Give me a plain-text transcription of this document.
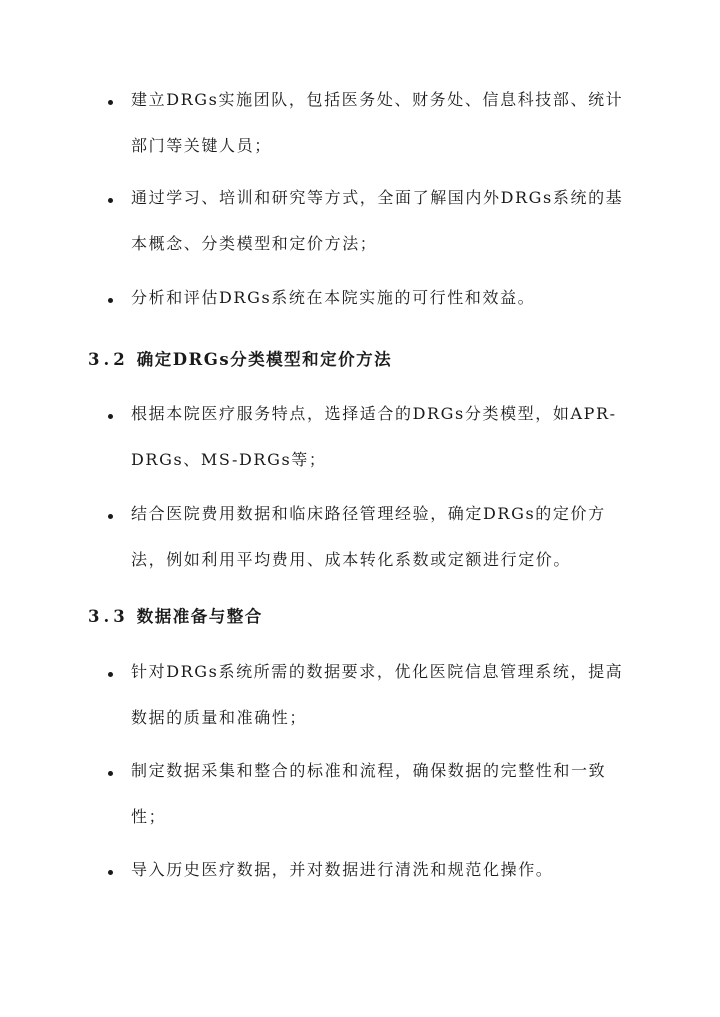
建立DRGs实施团队，包括医务处、财务处、信息科技部、统计部门等关键人员；
通过学习、培训和研究等方式，全面了解国内外DRGs系统的基本概念、分类模型和定价方法；
分析和评估DRGs系统在本院实施的可行性和效益。
3.2 确定DRGs分类模型和定价方法
根据本院医疗服务特点，选择适合的DRGs分类模型，如APR-DRGs、MS-DRGs等；
结合医院费用数据和临床路径管理经验，确定DRGs的定价方法，例如利用平均费用、成本转化系数或定额进行定价。
3.3 数据准备与整合
针对DRGs系统所需的数据要求，优化医院信息管理系统，提高数据的质量和准确性；
制定数据采集和整合的标准和流程，确保数据的完整性和一致性；
导入历史医疗数据，并对数据进行清洗和规范化操作。
